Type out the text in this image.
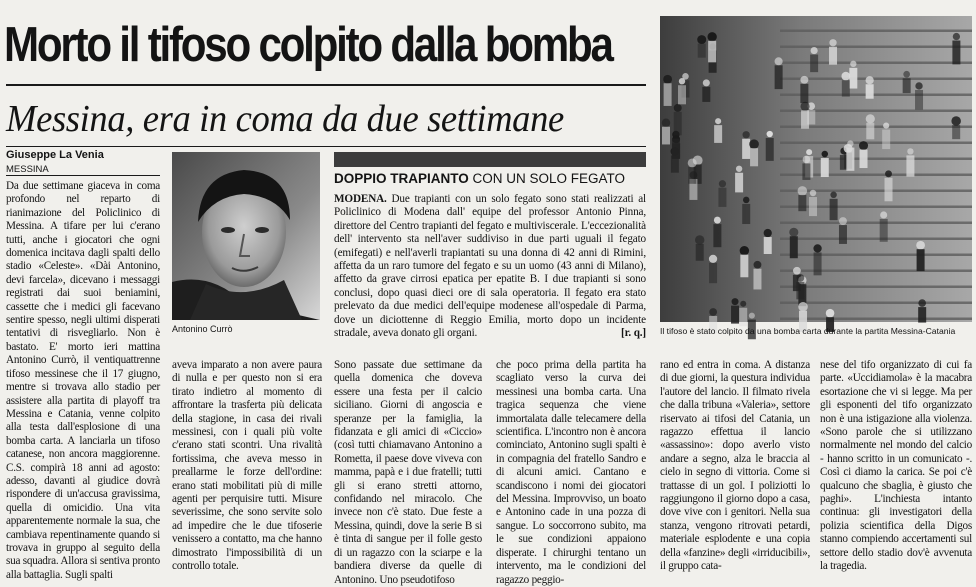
Morto il tifoso colpito dalla bomba
Messina, era in coma da due settimane
Giuseppe La Venia
MESSINA
Antonino Currò
DOPPIO TRAPIANTO CON UN SOLO FEGATO
MODENA. Due trapianti con un solo fegato sono stati realizzati al Policlinico di Modena dall' equipe del professor Antonio Pinna, direttore del Centro trapianti del fegato e multiviscerale. L'eccezionalità dell' intervento sta nell'aver suddiviso in due parti uguali il fegato (emifegati) e nell'averli trapiantati su una donna di 42 anni di Rimini, affetta da un raro tumore del fegato e su un uomo (43 anni di Milano), affetto da grave cirrosi epatica per epatite B. I due trapianti si sono conclusi, dopo quasi dieci ore di sala operatoria. Il fegato era stato prelevato da due medici dell'equipe modenese all'ospedale di Parma, dove un diciottenne di Reggio Emilia, morto dopo un incidente stradale, aveva donato gli organi.	[r. q.] Il tifoso è stato colpito da una bomba carta durante la partita Messina-Catania
Da due settimane giaceva in coma profondo nel reparto di rianimazione del Policlinico di Messina. A tifare per lui c'erano tutti, anche i giocatori che ogni domenica incitava dagli spalti dello stadio «Celeste». «Dài Antonino, devi farcela», dicevano i messaggi registrati dai suoi beniamini, cassette che i medici gli facevano sentire spesso, negli ultimi disperati tentativi di risvegliarlo. Non è bastato. E' morto ieri mattina Antonino Currò, il ventiquattrenne tifoso messinese che il 17 giugno, mentre si trovava allo stadio per assistere alla partita di playoff tra Messina e Catania, venne colpito alla testa dall'esplosione di una bomba carta. A lanciarla un tifoso catanese, non ancora maggiorenne. C.S. compirà 18 anni ad agosto: adesso, davanti al giudice dovrà rispondere di un'accusa gravissima, quella di omicidio. Una vita apparentemente normale la sua, che cambiava repentinamente quando si trovava in gruppo al seguito della sua squadra. Allora si sentiva pronto alla battaglia. Sugli spalti
aveva imparato a non avere paura di nulla e per questo non si era tirato indietro al momento di affrontare la trasferta più delicata della stagione, in casa dei rivali messinesi, con i quali più volte c'erano stati scontri. Una rivalità fortissima, che aveva messo in preallarme le forze dell'ordine: erano stati mobilitati più di mille agenti per perquisire tutti. Misure severissime, che sono servite solo ad impedire che le due tifoserie venissero a contatto, ma che hanno dimostrato l'impossibilità di un controllo totale.
Sono passate due settimane da quella domenica che doveva essere una festa per il calcio siciliano. Giorni di angoscia e speranze per la famiglia, la fidanzata e gli amici di «Ciccio» (così tutti chiamavano Antonino a Rometta, il paese dove viveva con mamma, papà e i due fratelli; tutti gli si erano stretti attorno, confidando nel miracolo. Che invece non c'è stato. Due feste a Messina, quindi, dove la serie B si è tinta di sangue per il folle gesto di un ragazzo con la sciarpe e la bandiera diverse da quelle di Antonino. Uno pseudotifoso
che poco prima della partita ha scagliato verso la curva dei messinesi una bomba carta. Una tragica sequenza che viene immortalata dalle telecamere della scientifica. L'incontro non è ancora cominciato, Antonino sugli spalti è in compagnia del fratello Sandro e di alcuni amici. Cantano e scandiscono i nomi dei giocatori del Messina. Improvviso, un boato e Antonino cade in una pozza di sangue. Lo soccorrono subito, ma le sue condizioni appaiono disperate. I chirurghi tentano un intervento, ma le condizioni del ragazzo peggio-
rano ed entra in coma. A distanza di due giorni, la questura individua l'autore del lancio. Il filmato rivela che dalla tribuna «Valeria», settore riservato ai tifosi del Catania, un ragazzo effettua il lancio «assassino»: dopo averlo visto andare a segno, alza le braccia al cielo in segno di vittoria. Come si trattasse di un gol. I poliziotti lo raggiungono il giorno dopo a casa, dove vive con i genitori. Nella sua stanza, vengono ritrovati petardi, materiale esplodente e una copia della «fanzine» degli «irriducibili», il gruppo cata-
nese del tifo organizzato di cui fa parte. «Uccidiamola» è la macabra esortazione che vi si legge. Ma per gli esponenti del tifo organizzato non è una istigazione alla violenza. «Sono parole che si utilizzano normalmente nel mondo del calcio - hanno scritto in un comunicato -. Così ci diamo la carica. Se poi c'è qualcuno che sbaglia, è giusto che paghi». L'inchiesta intanto continua: gli investigatori della polizia scientifica della Digos stanno compiendo accertamenti sul settore dello stadio dov'è avvenuta la tragedia.
